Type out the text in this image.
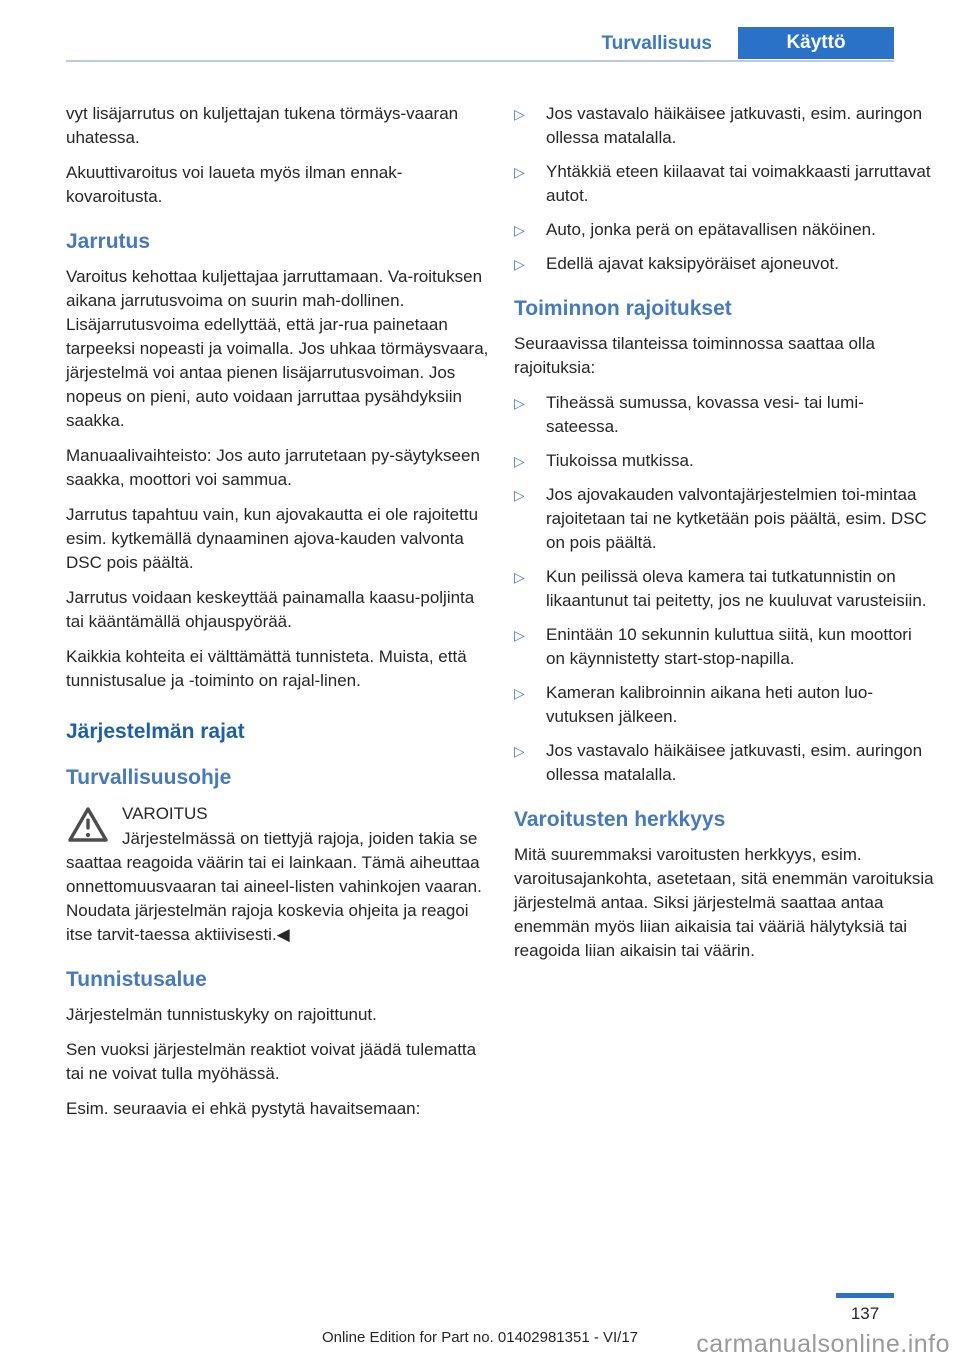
Turvallisuus	Käyttö

vyt lisäjarrutus on kuljettajan tukena törmäys-vaaran uhatessa.

Akuuttivaroitus voi laueta myös ilman ennak-kovaroitusta.

Jarrutus

Varoitus kehottaa kuljettajaa jarruttamaan. Va-roituksen aikana jarrutusvoima on suurin mah-dollinen. Lisäjarrutusvoima edellyttää, että jar-rua painetaan tarpeeksi nopeasti ja voimalla. Jos uhkaa törmäysvaara, järjestelmä voi antaa pienen lisäjarrutusvoiman. Jos nopeus on pieni, auto voidaan jarruttaa pysähdyksiin saakka.

Manuaalivaihteisto: Jos auto jarrutetaan py-säytykseen saakka, moottori voi sammua.

Jarrutus tapahtuu vain, kun ajovakautta ei ole rajoitettu esim. kytkemällä dynaaminen ajova-kauden valvonta DSC pois päältä.

Jarrutus voidaan keskeyttää painamalla kaasu-poljinta tai kääntämällä ohjauspyörää.

Kaikkia kohteita ei välttämättä tunnisteta. Muista, että tunnistusalue ja -toiminto on rajal-linen.

Järjestelmän rajat
Turvallisuusohje
VAROITUS
Järjestelmässä on tiettyjä rajoja, joiden takia se saattaa reagoida väärin tai ei lainkaan. Tämä aiheuttaa onnettomuusvaaran tai aineel-listen vahinkojen vaaran. Noudata järjestelmän rajoja koskevia ohjeita ja reagoi itse tarvit-taessa aktiivisesti.◀
Tunnistusalue

Järjestelmän tunnistuskyky on rajoittunut.

Sen vuoksi järjestelmän reaktiot voivat jäädä tulematta tai ne voivat tulla myöhässä.

Esim. seuraavia ei ehkä pystytä havaitsemaan:

▷	Jos vastavalo häikäisee jatkuvasti, esim. auringon ollessa matalalla.
▷	Yhtäkkiä eteen kiilaavat tai voimakkaasti jarruttavat autot.
▷	Auto, jonka perä on epätavallisen näköinen.
▷	Edellä ajavat kaksipyöräiset ajoneuvot.
Toiminnon rajoitukset

Seuraavissa tilanteissa toiminnossa saattaa olla rajoituksia:

▷	Tiheässä sumussa, kovassa vesi- tai lumi-sateessa.
▷	Tiukoissa mutkissa.
▷	Jos ajovakauden valvontajärjestelmien toi-mintaa rajoitetaan tai ne kytketään pois päältä, esim. DSC on pois päältä.
▷	Kun peilissä oleva kamera tai tutkatunnistin on likaantunut tai peitetty, jos ne kuuluvat varusteisiin.
▷	Enintään 10 sekunnin kuluttua siitä, kun moottori on käynnistetty start-stop-napilla.
▷	Kameran kalibroinnin aikana heti auton luo-vutuksen jälkeen.
▷	Jos vastavalo häikäisee jatkuvasti, esim. auringon ollessa matalalla.
Varoitusten herkkyys

Mitä suuremmaksi varoitusten herkkyys, esim. varoitusajankohta, asetetaan, sitä enemmän varoituksia järjestelmä antaa. Siksi järjestelmä saattaa antaa enemmän myös liian aikaisia tai vääriä hälytyksiä tai reagoida liian aikaisin tai väärin.

137
Online Edition for Part no. 01402981351 - VI/17	carmanualsonline.info
